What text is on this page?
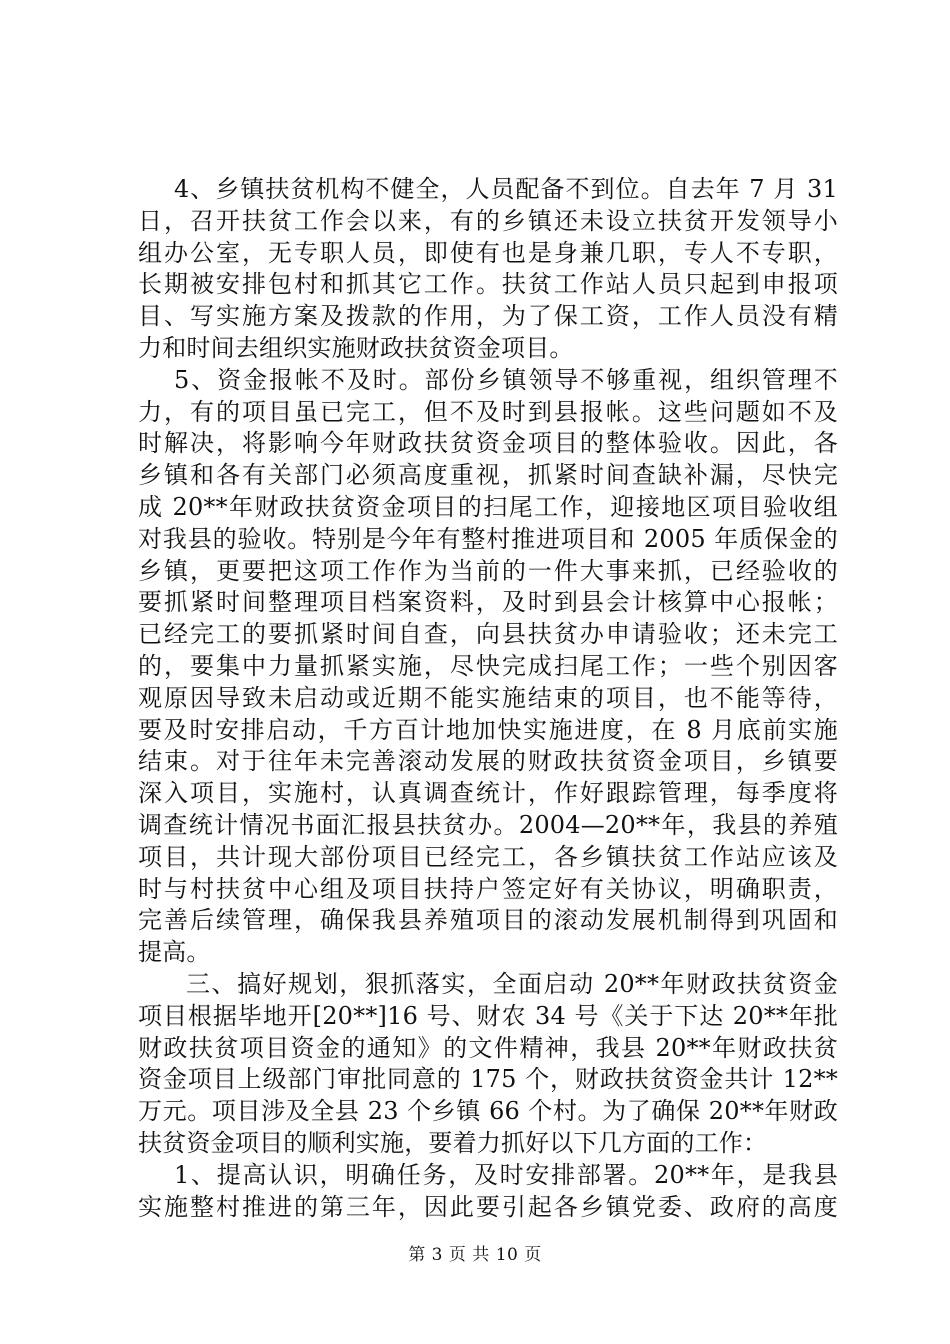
4、乡镇扶贫机构不健全，人员配备不到位。自去年 7 月 31
日，召开扶贫工作会以来，有的乡镇还未设立扶贫开发领导小
组办公室，无专职人员，即使有也是身兼几职，专人不专职，
长期被安排包村和抓其它工作。扶贫工作站人员只起到申报项
目、写实施方案及拨款的作用，为了保工资，工作人员没有精
力和时间去组织实施财政扶贫资金项目。
5、资金报帐不及时。部份乡镇领导不够重视，组织管理不
力，有的项目虽已完工，但不及时到县报帐。这些问题如不及
时解决，将影响今年财政扶贫资金项目的整体验收。因此，各
乡镇和各有关部门必须高度重视，抓紧时间查缺补漏，尽快完
成 20**年财政扶贫资金项目的扫尾工作，迎接地区项目验收组
对我县的验收。特别是今年有整村推进项目和 2005 年质保金的
乡镇，更要把这项工作作为当前的一件大事来抓，已经验收的
要抓紧时间整理项目档案资料，及时到县会计核算中心报帐；
已经完工的要抓紧时间自查，向县扶贫办申请验收；还未完工
的，要集中力量抓紧实施，尽快完成扫尾工作；一些个别因客
观原因导致未启动或近期不能实施结束的项目，也不能等待，
要及时安排启动，千方百计地加快实施进度，在 8 月底前实施
结束。对于往年未完善滚动发展的财政扶贫资金项目，乡镇要
深入项目，实施村，认真调查统计，作好跟踪管理，每季度将
调查统计情况书面汇报县扶贫办。2004—20**年，我县的养殖
项目，共计现大部份项目已经完工，各乡镇扶贫工作站应该及
时与村扶贫中心组及项目扶持户签定好有关协议，明确职责，
完善后续管理，确保我县养殖项目的滚动发展机制得到巩固和
提高。
三、搞好规划，狠抓落实，全面启动 20**年财政扶贫资金
项目根据毕地开[20**]16 号、财农 34 号《关于下达 20**年批
财政扶贫项目资金的通知》的文件精神，我县 20**年财政扶贫
资金项目上级部门审批同意的 175 个，财政扶贫资金共计 12**
万元。项目涉及全县 23 个乡镇 66 个村。为了确保 20**年财政
扶贫资金项目的顺利实施，要着力抓好以下几方面的工作：
1、提高认识，明确任务，及时安排部署。20**年，是我县
实施整村推进的第三年，因此要引起各乡镇党委、政府的高度
第 3 页 共 10 页
